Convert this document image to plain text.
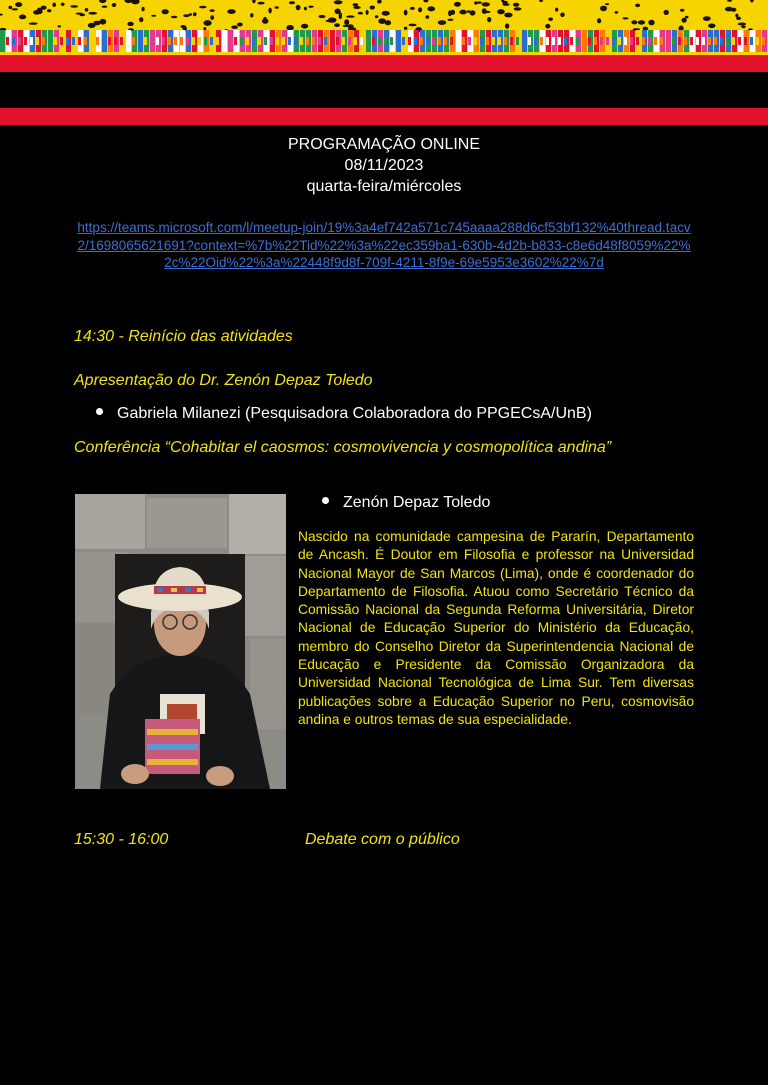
PROGRAMAÇÃO ONLINE
08/11/2023
quarta-feira/miércoles
https://teams.microsoft.com/l/meetup-join/19%3a4ef742a571c745aaaa288d6cf53bf132%40thread.tacv2/1698065621691?context=%7b%22Tid%22%3a%22ec359ba1-630b-4d2b-b833-c8e6d48f8059%22%2c%22Oid%22%3a%22448f9d8f-709f-4211-8f9e-69e5953e3602%22%7d
14:30 - Reinício das atividades
Apresentação do Dr. Zenón Depaz Toledo
Gabriela Milanezi (Pesquisadora Colaboradora do PPGECsA/UnB)
Conferência “Cohabitar el caosmos: cosmovivencia y cosmopolítica andina”
Zenón Depaz Toledo
Nascido na comunidade campesina de Pararín, Departamento de Ancash. É Doutor em Filosofia e professor na Universidad Nacional Mayor de San Marcos (Lima), onde é coordenador do Departamento de Filosofia. Atuou como Secretário Técnico da Comissão Nacional da Segunda Reforma Universitária, Diretor Nacional de Educação Superior do Ministério da Educação, membro do Conselho Diretor da Superintendencia Nacional de Educação e Presidente da Comissão Organizadora da Universidad Nacional Tecnológica de Lima Sur. Tem diversas publicações sobre a Educação Superior no Peru, cosmovisão andina e outros temas de sua especialidade.
15:30 - 16:00	Debate com o público
